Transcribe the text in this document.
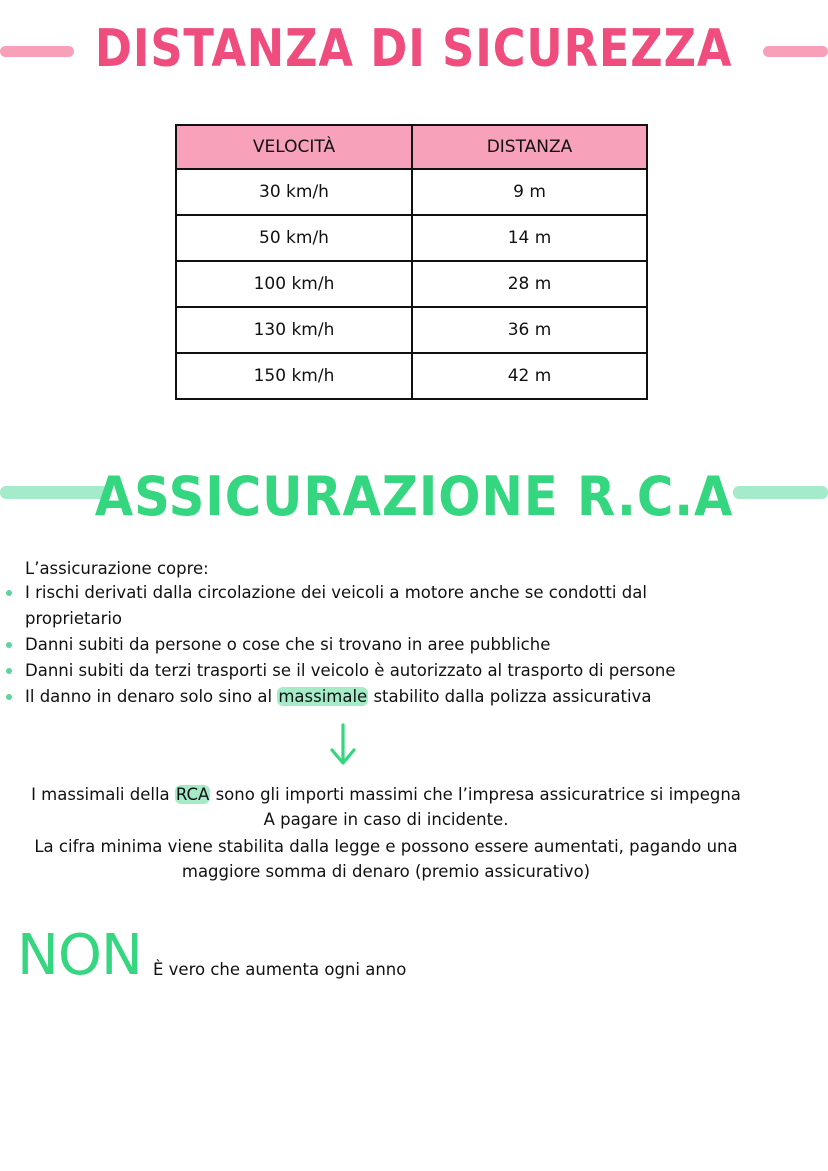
DISTANZA DI SICUREZZA
VELOCITÀ	DISTANZA
30 km/h	9 m
50 km/h	14 m
100 km/h	28 m
130 km/h	36 m
150 km/h	42 m
ASSICURAZIONE R.C.A
L’assicurazione copre:
I rischi derivati dalla circolazione dei veicoli a motore anche se condotti dal
proprietario
Danni subiti da persone o cose che si trovano in aree pubbliche
Danni subiti da terzi trasporti se il veicolo è autorizzato al trasporto di persone
Il danno in denaro solo sino al massimale stabilito dalla polizza assicurativa
I massimali della RCA sono gli importi massimi che l’impresa assicuratrice si impegna
A pagare in caso di incidente.
La cifra minima viene stabilita dalla legge e possono essere aumentati, pagando una
maggiore somma di denaro (premio assicurativo)
NON È vero che aumenta ogni anno
